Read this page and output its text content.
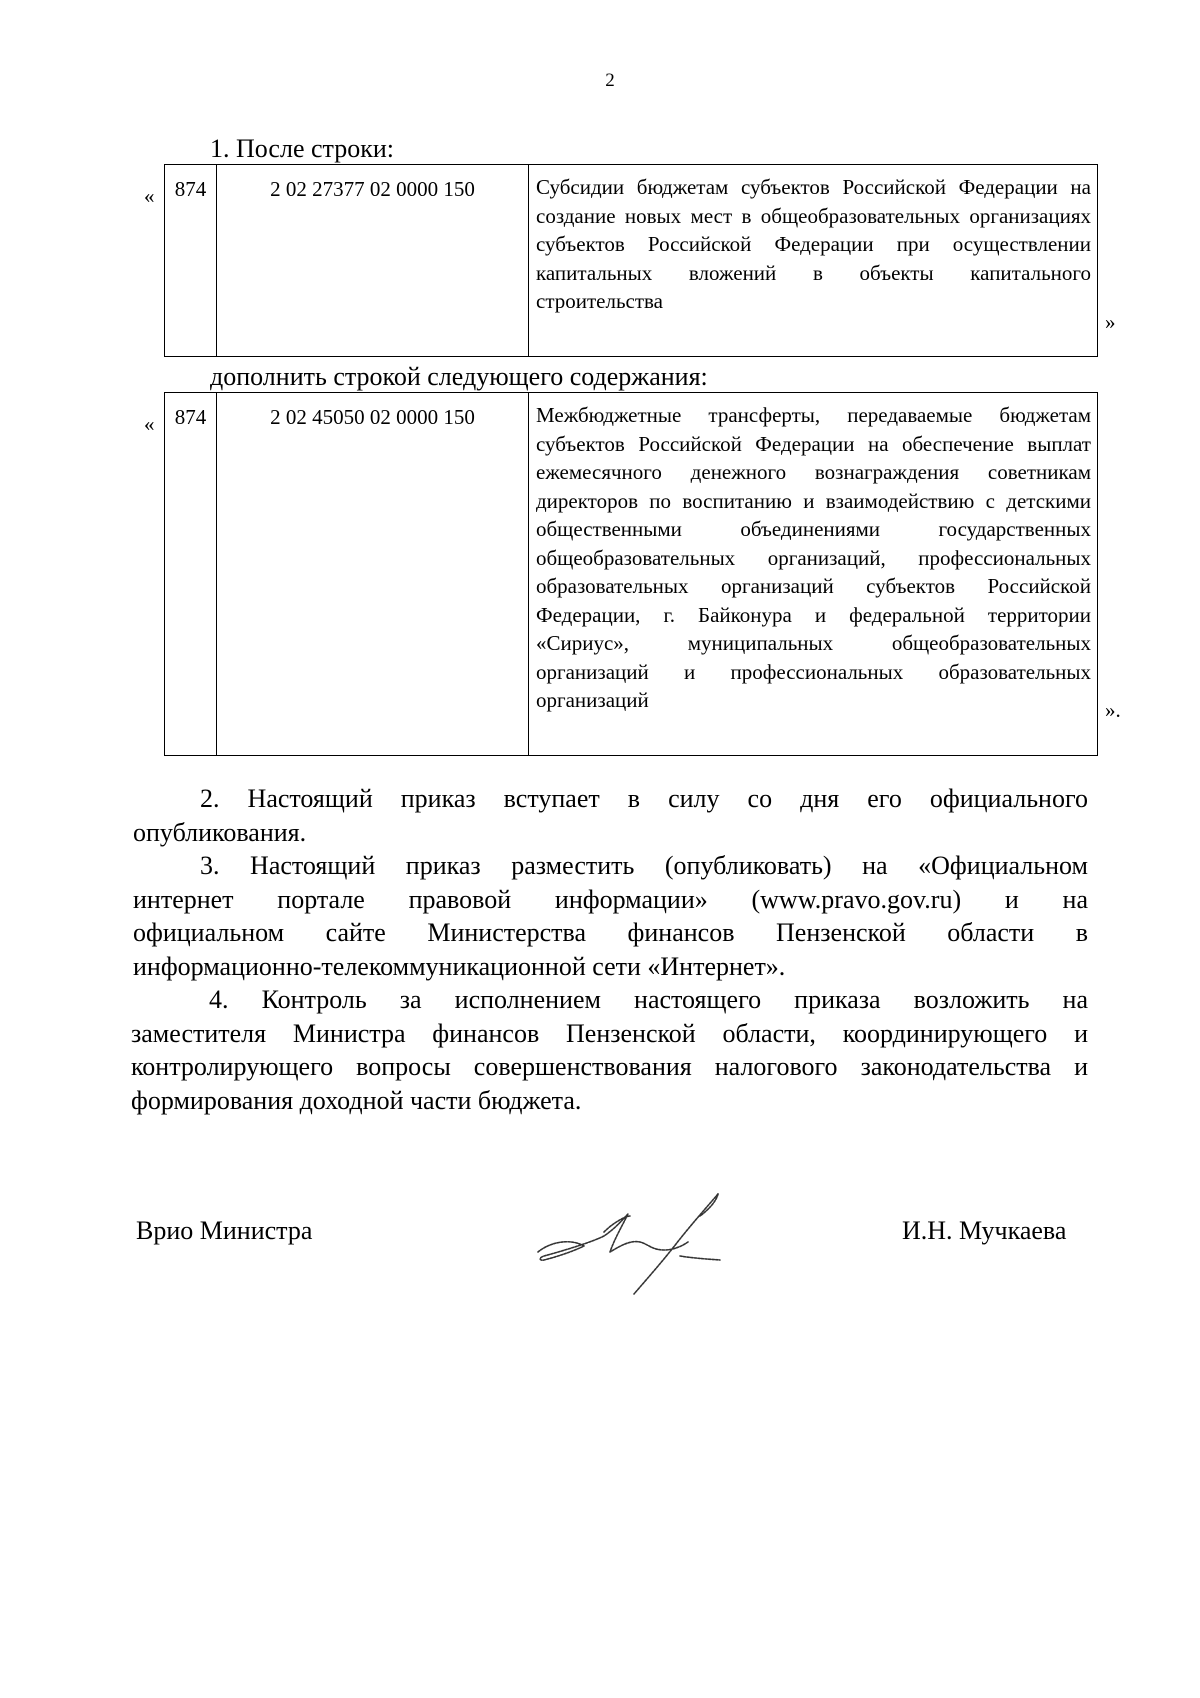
2
1. После строки:
« 874	2 02 27377 02 0000 150	Субсидии бюджетам субъектов Российской Федерации на создание новых мест в общеобразовательных организациях субъектов Российской Федерации при осуществлении капитальных вложений в объекты капитального строительства
»
дополнить строкой следующего содержания:
« 874	2 02 45050 02 0000 150	Межбюджетные трансферты, передаваемые бюджетам субъектов Российской Федерации на обеспечение выплат ежемесячного денежного вознаграждения советникам директоров по воспитанию и взаимодействию с детскими общественными объединениями государственных общеобразовательных организаций, профессиональных образовательных организаций субъектов Российской Федерации, г. Байконура и федеральной территории «Сириус», муниципальных общеобразовательных организаций и профессиональных образовательных организаций	».
2. Настоящий приказ вступает в силу со дня его официального
опубликования.
3. Настоящий приказ разместить (опубликовать) на «Официальном
интернет портале правовой информации» (www.pravo.gov.ru) и на
официальном сайте Министерства финансов Пензенской области в
информационно-телекоммуникационной сети «Интернет».
4. Контроль за исполнением настоящего приказа возложить на
заместителя Министра финансов Пензенской области, координирующего и
контролирующего вопросы совершенствования налогового законодательства и
формирования доходной части бюджета.
Врио Министра	И.Н. Мучкаева
